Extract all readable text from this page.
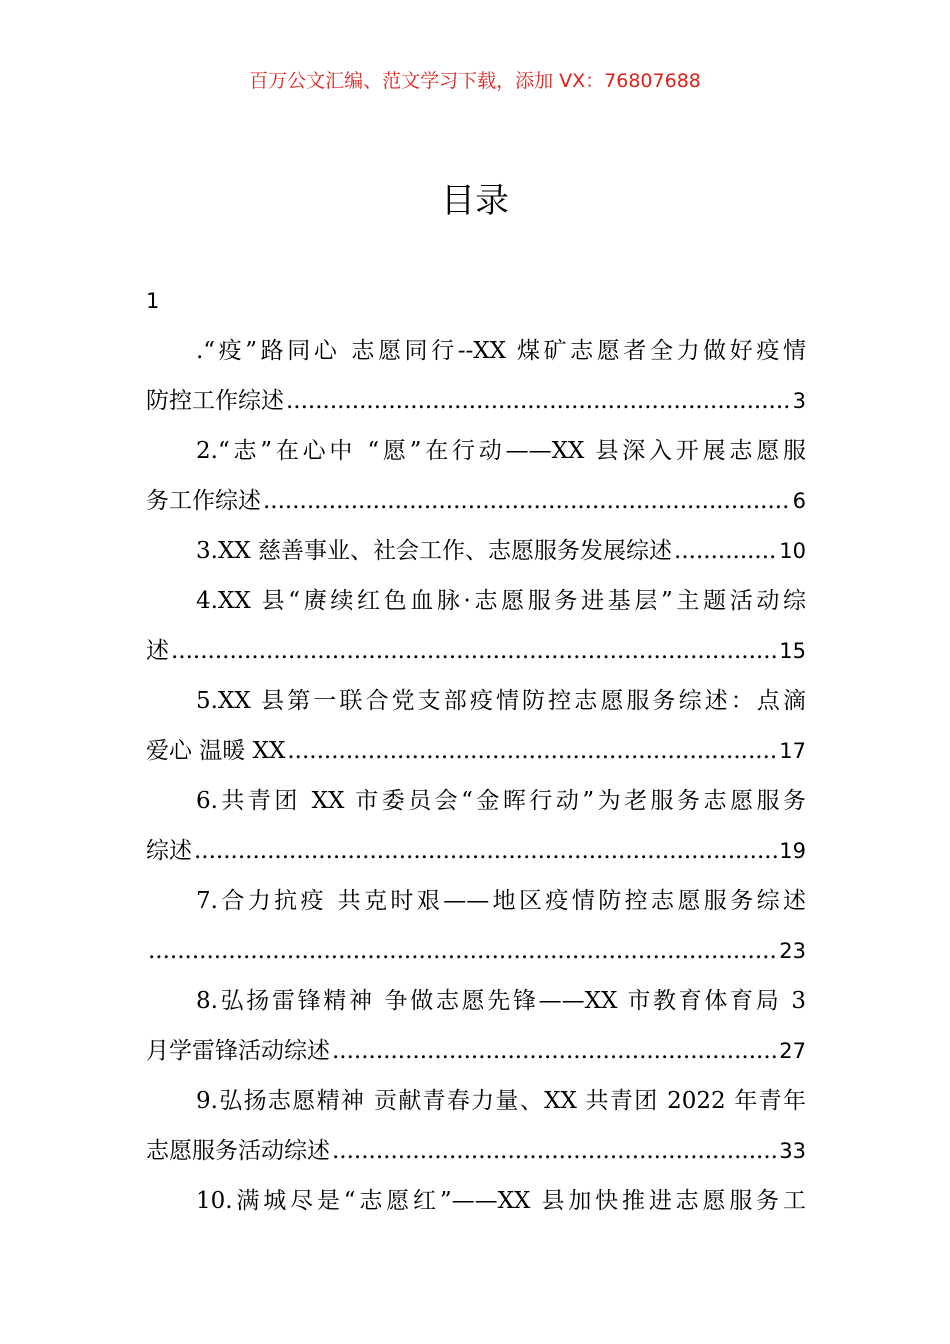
百万公文汇编、范文学习下载，添加 VX：76807688
目录
1
.“疫”路同心 志愿同行--XX 煤矿志愿者全力做好疫情
防控工作综述 .....	3
2.“志”在心中 “愿”在行动——XX 县深入开展志愿服
务工作综述 .....	6
3.XX 慈善事业、社会工作、志愿服务发展综述 .....	10
4.XX 县“赓续红色血脉·志愿服务进基层”主题活动综
述 .....	15
5.XX 县第一联合党支部疫情防控志愿服务综述：点滴
爱心 温暖 XX .....	17
6.共青团 XX 市委员会“金晖行动”为老服务志愿服务
综述 .....	19
7.合力抗疫 共克时艰——地区疫情防控志愿服务综述
.....
23
8.弘扬雷锋精神 争做志愿先锋——XX 市教育体育局 3
月学雷锋活动综述 .....	27
9.弘扬志愿精神 贡献青春力量、XX 共青团 2022 年青年
志愿服务活动综述 .....	33
10.满城尽是“志愿红”——XX 县加快推进志愿服务工
